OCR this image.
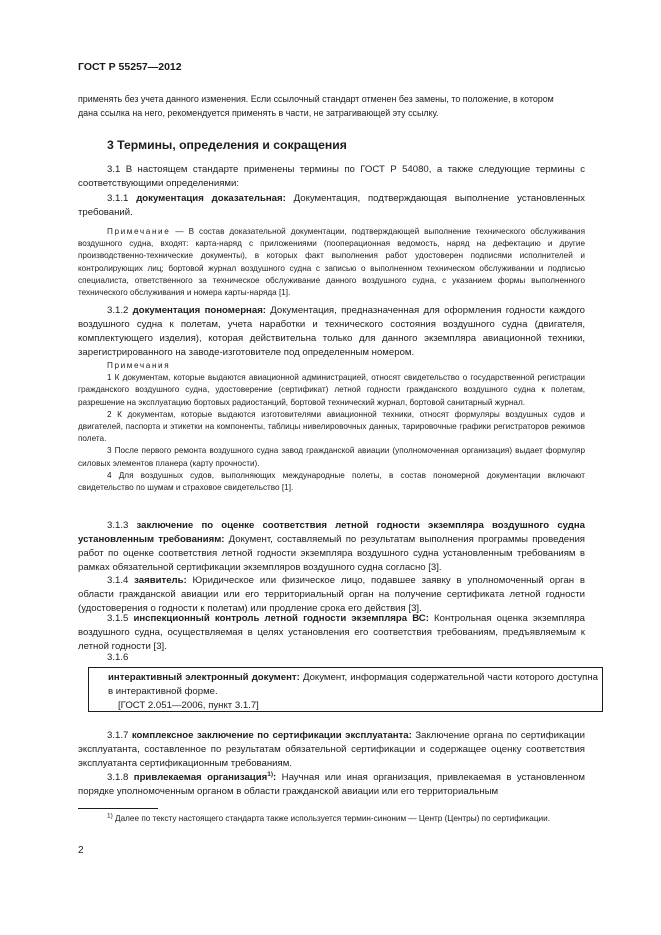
ГОСТ Р 55257—2012
применять без учета данного изменения. Если ссылочный стандарт отменен без замены, то положение, в котором
дана ссылка на него, рекомендуется применять в части, не затрагивающей эту ссылку.
3 Термины, определения и сокращения

3.1 В настоящем стандарте применены термины по ГОСТ Р 54080, а также следующие термины с соответствующими определениями:

3.1.1 документация доказательная: Документация, подтверждающая выполнение установленных требований.

Примечание — В состав доказательной документации, подтверждающей выполнение технического обслуживания воздушного судна, входят: карта-наряд с приложениями (пооперационная ведомость, наряд на дефектацию и другие производственно-технические документы), в которых факт выполнения работ удостоверен подписями исполнителей и контролирующих лиц; бортовой журнал воздушного судна с записью о выполненном техническом обслуживании и подписью специалиста, ответственного за техническое обслуживание данного воздушного судна, с указанием формы выполненного технического обслуживания и номера карты-наряда [1].

3.1.2 документация пономерная: Документация, предназначенная для оформления годности каждого воздушного судна к полетам, учета наработки и технического состояния воздушного судна (двигателя, комплектующего изделия), которая действительна только для данного экземпляра авиационной техники, зарегистрированного на заводе-изготовителе под определенным номером.

Примечания
1 К документам, которые выдаются авиационной администрацией, относят свидетельство о государственной регистрации гражданского воздушного судна, удостоверение (сертификат) летной годности гражданского воздушного судна к полетам, разрешение на эксплуатацию бортовых радиостанций, бортовой технический журнал, бортовой санитарный журнал.
2 К документам, которые выдаются изготовителями авиационной техники, относят формуляры воздушных судов и двигателей, паспорта и этикетки на компоненты, таблицы нивелировочных данных, тарировочные графики регистраторов режимов полета.
3 После первого ремонта воздушного судна завод гражданской авиации (уполномоченная организация) выдает формуляр силовых элементов планера (карту прочности).
4 Для воздушных судов, выполняющих международные полеты, в состав пономерной документации включают свидетельство по шумам и страховое свидетельство [1].

3.1.3 заключение по оценке соответствия летной годности экземпляра воздушного судна установленным требованиям: Документ, составляемый по результатам выполнения программы проведения работ по оценке соответствия летной годности экземпляра воздушного судна установленным требованиям в рамках обязательной сертификации экземпляров воздушного судна согласно [3].

3.1.4 заявитель: Юридическое или физическое лицо, подавшее заявку в уполномоченный орган в области гражданской авиации или его территориальный орган на получение сертификата летной годности (удостоверения о годности к полетам) или продление срока его действия [3].

3.1.5 инспекционный контроль летной годности экземпляра ВС: Контрольная оценка экземпляра воздушного судна, осуществляемая в целях установления его соответствия требованиям, предъявляемым к летной годности [3].

3.1.6

интерактивный электронный документ: Документ, информация содержательной части которого доступна в интерактивной форме.

[ГОСТ 2.051—2006, пункт 3.1.7]

3.1.7 комплексное заключение по сертификации эксплуатанта: Заключение органа по сертификации эксплуатанта, составленное по результатам обязательной сертификации и содержащее оценку соответствия эксплуатанта сертификационным требованиям.

3.1.8 привлекаемая организация$^{1)}$: Научная или иная организация, привлекаемая в установленном порядке уполномоченным органом в области гражданской авиации или его территориальным

$^{1)}$ Далее по тексту настоящего стандарта также используется термин-синоним — Центр (Центры) по сертификации.

2
